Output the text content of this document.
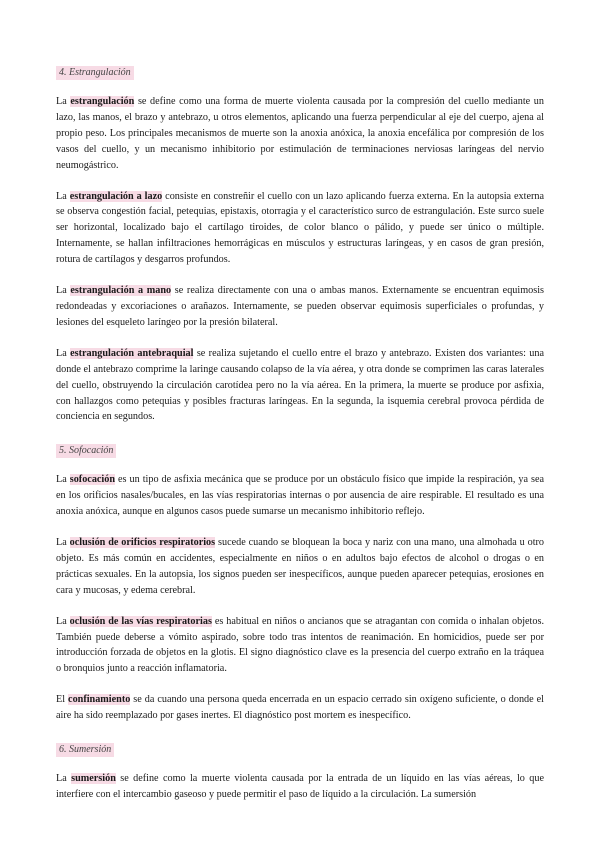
4. Estrangulación

La estrangulación se define como una forma de muerte violenta causada por la compresión del cuello mediante un lazo, las manos, el brazo y antebrazo, u otros elementos, aplicando una fuerza perpendicular al eje del cuerpo, ajena al propio peso. Los principales mecanismos de muerte son la anoxia anóxica, la anoxia encefálica por compresión de los vasos del cuello, y un mecanismo inhibitorio por estimulación de terminaciones nerviosas laríngeas del nervio neumogástrico.

La estrangulación a lazo consiste en constreñir el cuello con un lazo aplicando fuerza externa. En la autopsia externa se observa congestión facial, petequias, epistaxis, otorragia y el característico surco de estrangulación. Este surco suele ser horizontal, localizado bajo el cartílago tiroides, de color blanco o pálido, y puede ser único o múltiple. Internamente, se hallan infiltraciones hemorrágicas en músculos y estructuras laríngeas, y en casos de gran presión, rotura de cartílagos y desgarros profundos.

La estrangulación a mano se realiza directamente con una o ambas manos. Externamente se encuentran equimosis redondeadas y excoriaciones o arañazos. Internamente, se pueden observar equimosis superficiales o profundas, y lesiones del esqueleto laríngeo por la presión bilateral.

La estrangulación antebraquial se realiza sujetando el cuello entre el brazo y antebrazo. Existen dos variantes: una donde el antebrazo comprime la laringe causando colapso de la vía aérea, y otra donde se comprimen las caras laterales del cuello, obstruyendo la circulación carotídea pero no la vía aérea. En la primera, la muerte se produce por asfixia, con hallazgos como petequias y posibles fracturas laríngeas. En la segunda, la isquemia cerebral provoca pérdida de conciencia en segundos.

5. Sofocación

La sofocación es un tipo de asfixia mecánica que se produce por un obstáculo físico que impide la respiración, ya sea en los orificios nasales/bucales, en las vías respiratorias internas o por ausencia de aire respirable. El resultado es una anoxia anóxica, aunque en algunos casos puede sumarse un mecanismo inhibitorio reflejo.

La oclusión de orificios respiratorios sucede cuando se bloquean la boca y nariz con una mano, una almohada u otro objeto. Es más común en accidentes, especialmente en niños o en adultos bajo efectos de alcohol o drogas o en prácticas sexuales. En la autopsia, los signos pueden ser inespecíficos, aunque pueden aparecer petequias, erosiones en cara y mucosas, y edema cerebral.

La oclusión de las vías respiratorias es habitual en niños o ancianos que se atragantan con comida o inhalan objetos. También puede deberse a vómito aspirado, sobre todo tras intentos de reanimación. En homicidios, puede ser por introducción forzada de objetos en la glotis. El signo diagnóstico clave es la presencia del cuerpo extraño en la tráquea o bronquios junto a reacción inflamatoria.

El confinamiento se da cuando una persona queda encerrada en un espacio cerrado sin oxígeno suficiente, o donde el aire ha sido reemplazado por gases inertes. El diagnóstico post mortem es inespecífico.

6. Sumersión

La sumersión se define como la muerte violenta causada por la entrada de un líquido en las vías aéreas, lo que interfiere con el intercambio gaseoso y puede permitir el paso de líquido a la circulación. La sumersión
